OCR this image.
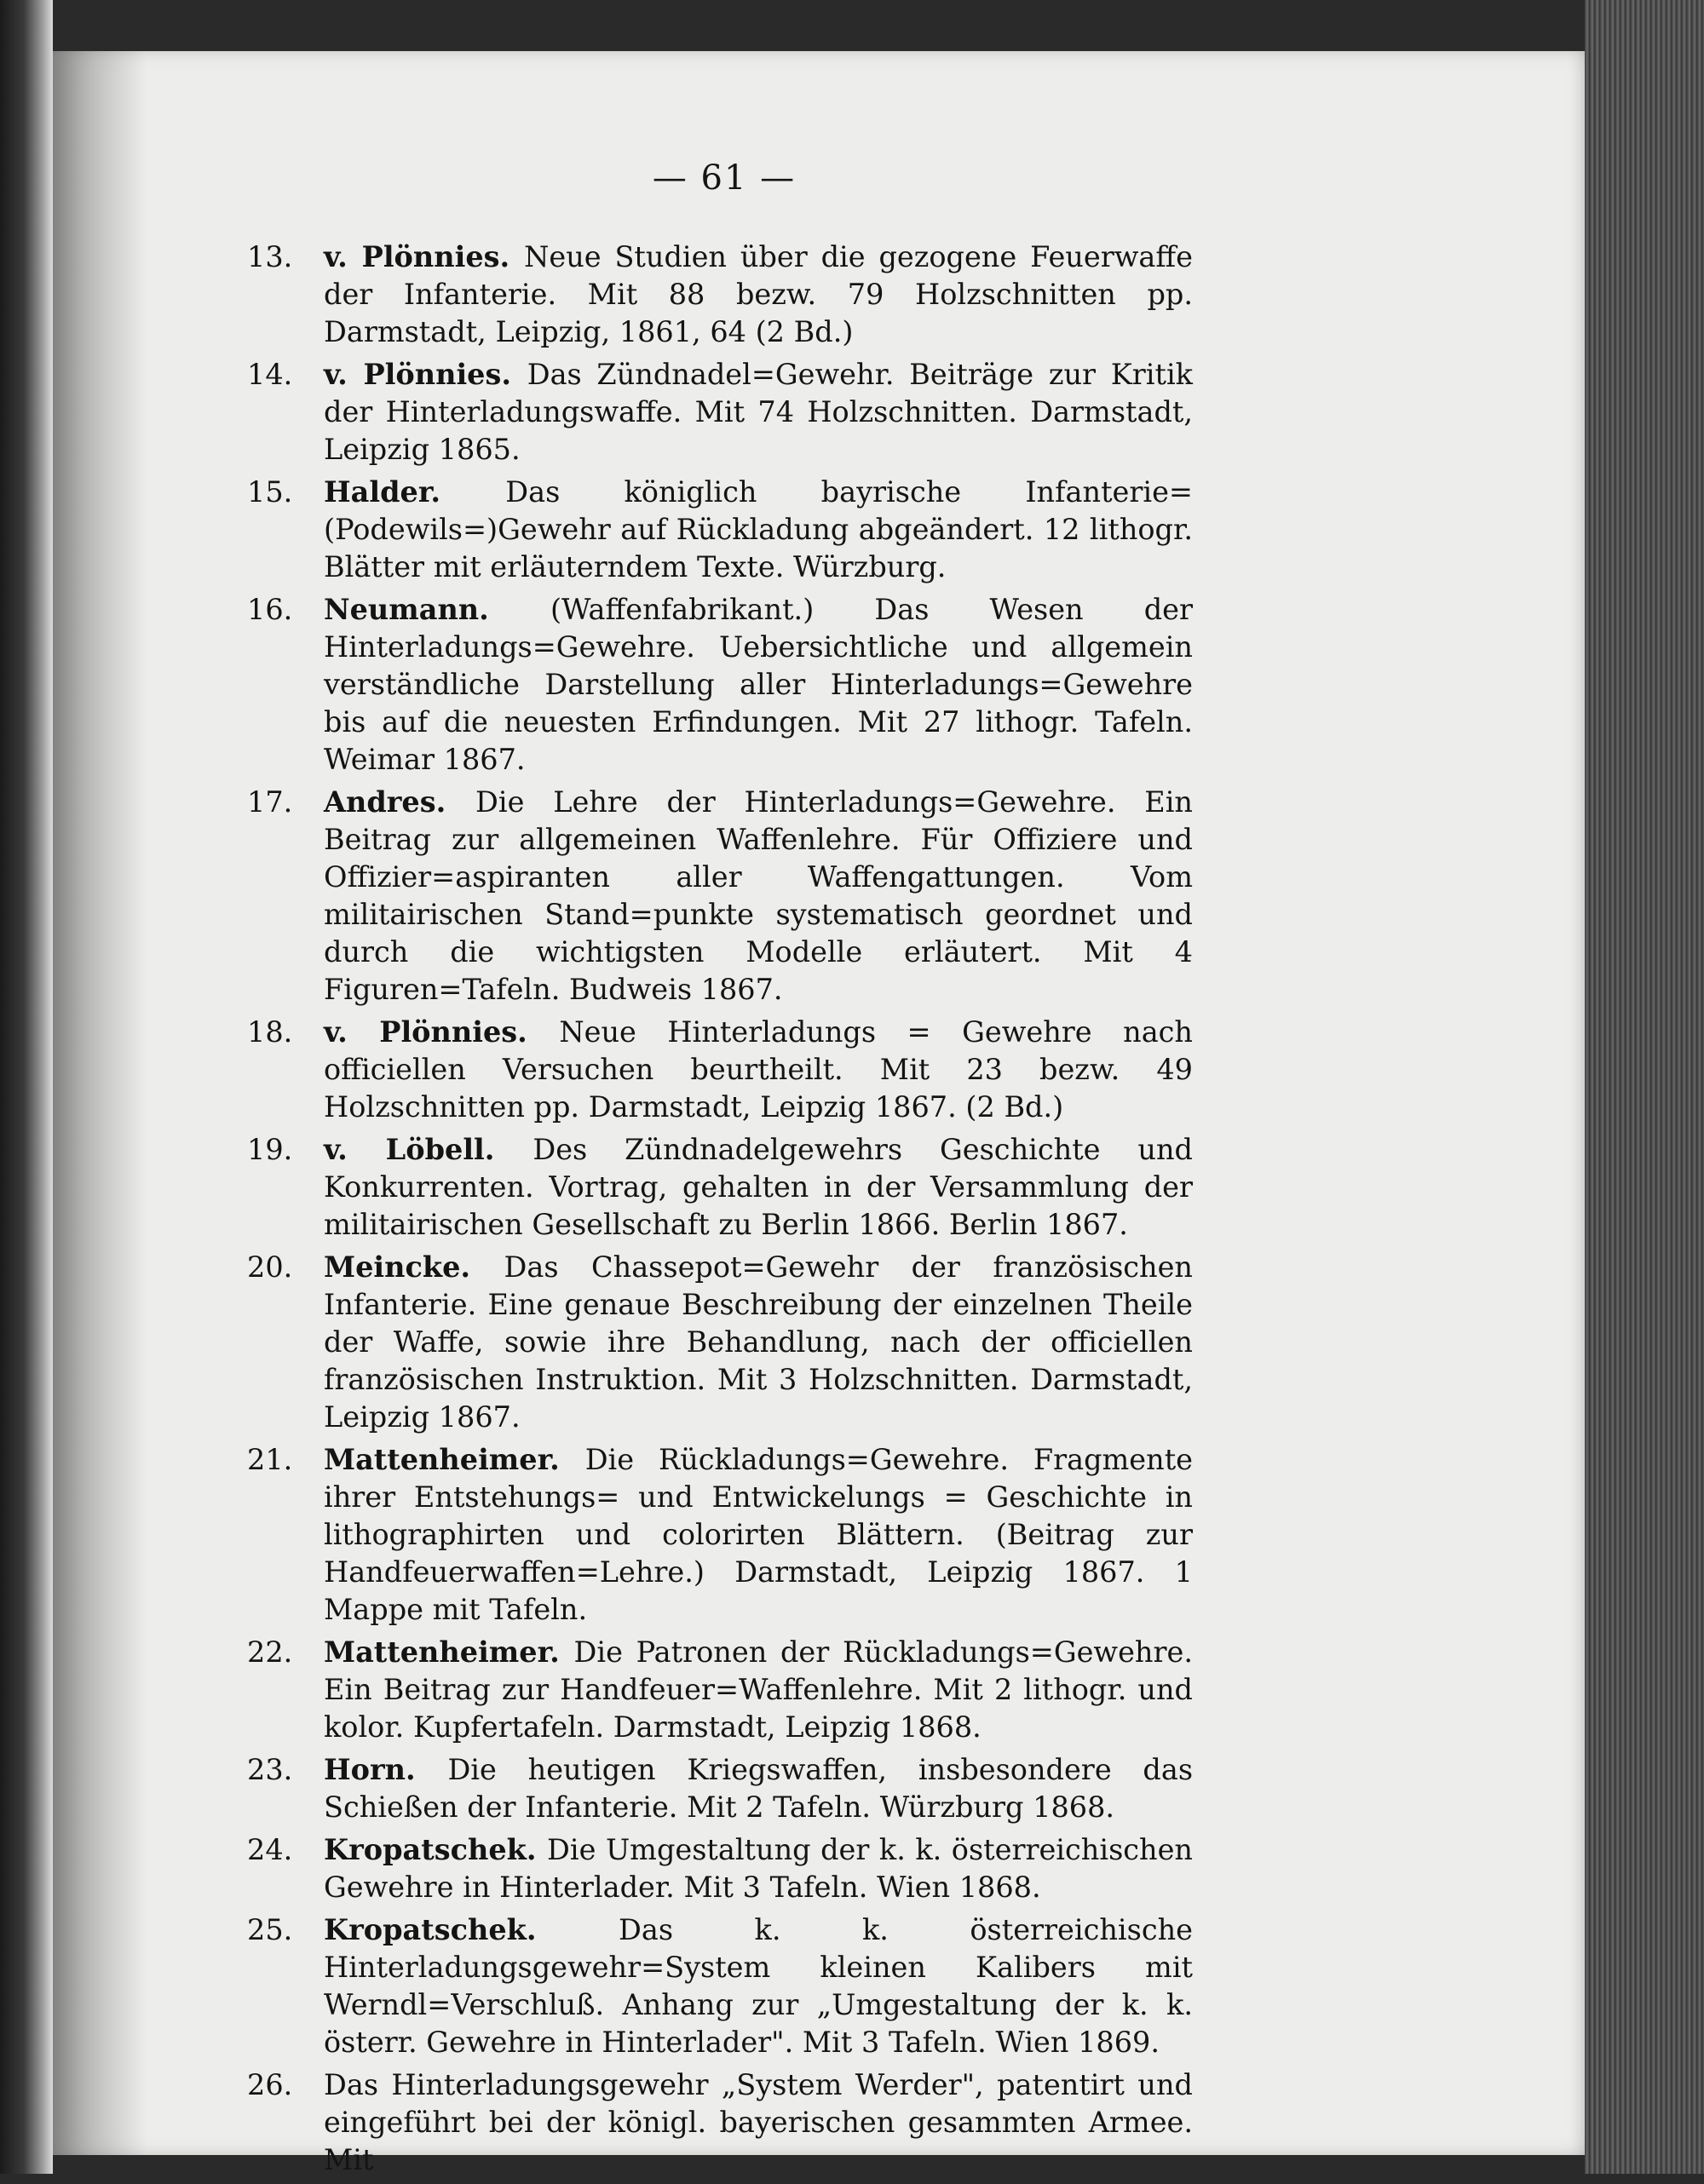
— 61 —
13.	v. Plönnies. Neue Studien über die gezogene Feuerwaffe der Infanterie. Mit 88 bezw. 79 Holzschnitten pp. Darmstadt, Leipzig, 1861, 64 (2 Bd.)
14.	v. Plönnies. Das Zündnadel=Gewehr. Beiträge zur Kritik der Hinterladungswaffe. Mit 74 Holzschnitten. Darmstadt, Leipzig 1865.
15.	Halder. Das königlich bayrische Infanterie=(Podewils=)Gewehr auf Rückladung abgeändert. 12 lithogr. Blätter mit erläuterndem Texte. Würzburg.
16.	Neumann. (Waffenfabrikant.) Das Wesen der Hinterladungs=Gewehre. Uebersichtliche und allgemein verständliche Darstellung aller Hinterladungs=Gewehre bis auf die neuesten Erfindungen. Mit 27 lithogr. Tafeln. Weimar 1867.
17.	Andres. Die Lehre der Hinterladungs=Gewehre. Ein Beitrag zur allgemeinen Waffenlehre. Für Offiziere und Offizier=aspiranten aller Waffengattungen. Vom militairischen Stand=punkte systematisch geordnet und durch die wichtigsten Modelle erläutert. Mit 4 Figuren=Tafeln. Budweis 1867.
18.	v. Plönnies. Neue Hinterladungs = Gewehre nach officiellen Versuchen beurtheilt. Mit 23 bezw. 49 Holzschnitten pp. Darmstadt, Leipzig 1867. (2 Bd.)
19.	v. Löbell. Des Zündnadelgewehrs Geschichte und Konkurrenten. Vortrag, gehalten in der Versammlung der militairischen Gesellschaft zu Berlin 1866. Berlin 1867.
20.	Meincke. Das Chassepot=Gewehr der französischen Infanterie. Eine genaue Beschreibung der einzelnen Theile der Waffe, sowie ihre Behandlung, nach der officiellen französischen Instruktion. Mit 3 Holzschnitten. Darmstadt, Leipzig 1867.
21.	Mattenheimer. Die Rückladungs=Gewehre. Fragmente ihrer Entstehungs= und Entwickelungs = Geschichte in lithographirten und colorirten Blättern. (Beitrag zur Handfeuerwaffen=Lehre.) Darmstadt, Leipzig 1867. 1 Mappe mit Tafeln.
22.	Mattenheimer. Die Patronen der Rückladungs=Gewehre. Ein Beitrag zur Handfeuer=Waffenlehre. Mit 2 lithogr. und kolor. Kupfertafeln. Darmstadt, Leipzig 1868.
23.	Horn. Die heutigen Kriegswaffen, insbesondere das Schießen der Infanterie. Mit 2 Tafeln. Würzburg 1868.
24.	Kropatschek. Die Umgestaltung der k. k. österreichischen Gewehre in Hinterlader. Mit 3 Tafeln. Wien 1868.
25.	Kropatschek. Das k. k. österreichische Hinterladungsgewehr=System kleinen Kalibers mit Werndl=Verschluß. Anhang zur „Umgestaltung der k. k. österr. Gewehre in Hinterlader". Mit 3 Tafeln. Wien 1869.
26.	Das Hinterladungsgewehr „System Werder", patentirt und eingeführt bei der königl. bayerischen gesammten Armee. Mit
